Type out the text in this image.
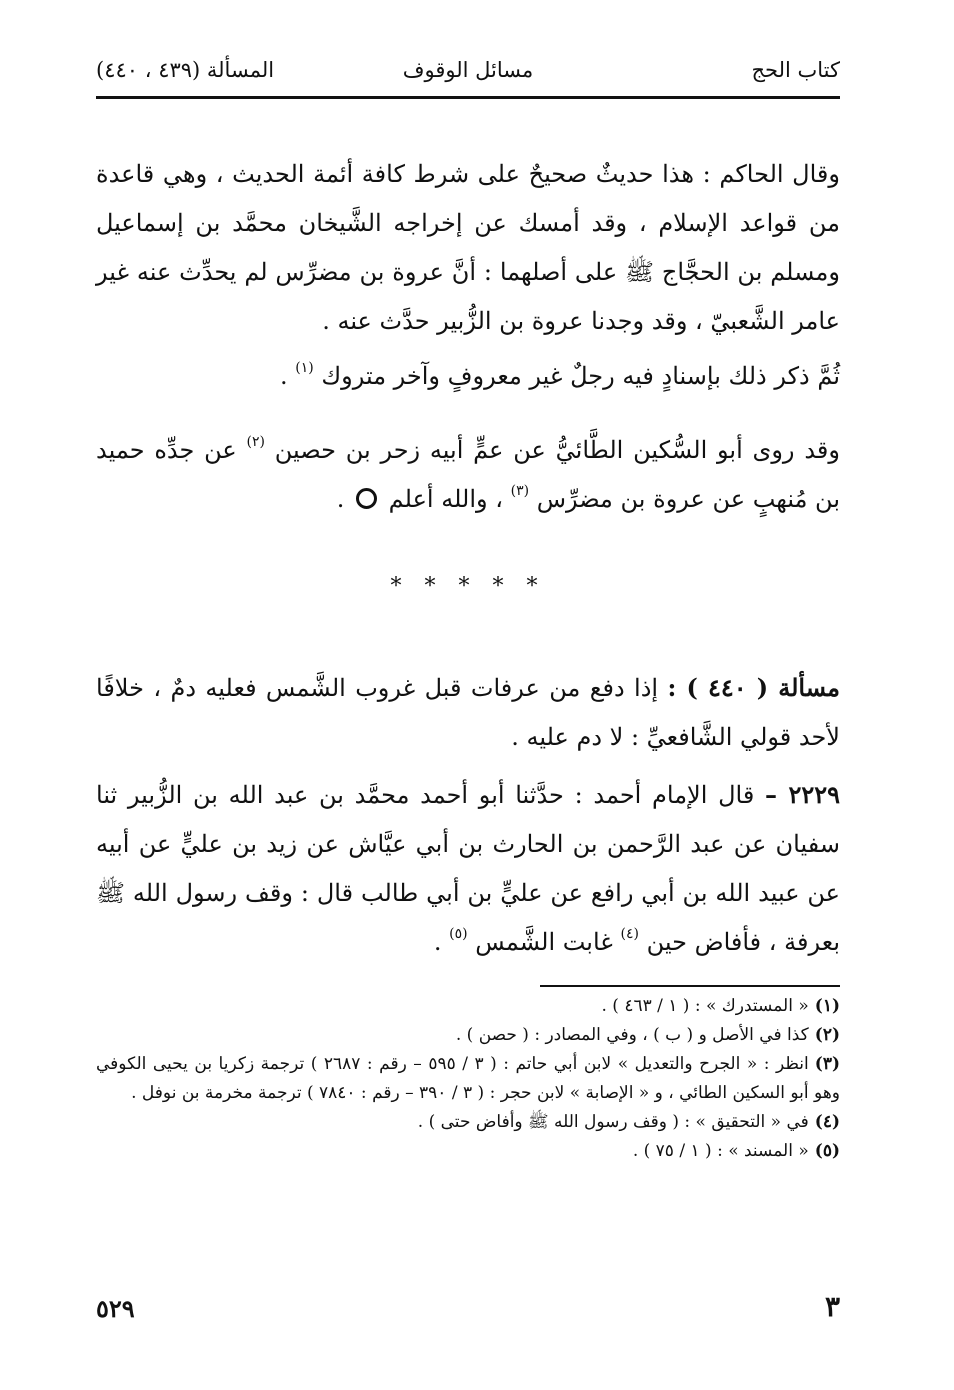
كتاب الحج
مسائل الوقوف
المسألة (٤٣٩ ، ٤٤٠)

وقال الحاكم : هذا حديثٌ صحيحٌ على شرط كافة أئمة الحديث ، وهي قاعدة من قواعد الإسلام ، وقد أمسك عن إخراجه الشَّيخان محمَّد بن إسماعيل ومسلم بن الحجَّاج ﷺ على أصلهما : أنَّ عروة بن مضرِّس لم يحدِّث عنه غير عامر الشَّعبيّ ، وقد وجدنا عروة بن الزُّبير حدَّث عنه .

ثُمَّ ذكر ذلك بإسنادٍ فيه رجلٌ غير معروفٍ وآخر متروك $^{(١)}$ .

وقد روى أبو السُّكين الطَّائيُّ عن عمٍّ أبيه زحر بن حصين $^{(٢)}$ عن جدِّه حميد بن مُنهبٍ عن عروة بن مضرِّس $^{(٣)}$ ، والله أعلم  .

* * * * *

مسألة ( ٤٤٠ ) : إذا دفع من عرفات قبل غروب الشَّمس فعليه دمٌ ، خلافًا لأحد قولي الشَّافعيِّ : لا دم عليه .

٢٢٢٩ – قال الإمام أحمد : حدَّثنا أبو أحمد محمَّد بن عبد الله بن الزُّبير ثنا سفيان عن عبد الرَّحمن بن الحارث بن أبي عيَّاش عن زيد بن عليٍّ عن أبيه عن عبيد الله بن أبي رافع عن عليٍّ بن أبي طالب قال : وقف رسول الله ﷺ بعرفة ، فأفاض حين $^{(٤)}$ غابت الشَّمس $^{(٥)}$ .

(١)« المستدرك » : ( ١ / ٤٦٣ ) .
(٢)كذا في الأصل و ( ب ) ، وفي المصادر : ( حصن ) .
(٣)انظر : « الجرح والتعديل » لابن أبي حاتم : ( ٣ / ٥٩٥ – رقم : ٢٦٨٧ ) ترجمة زكريا بن يحيى الكوفي وهو أبو السكين الطائي ، و « الإصابة » لابن حجر : ( ٣ / ٣٩٠ – رقم : ٧٨٤٠ ) ترجمة مخرمة بن نوفل .
(٤)في « التحقيق » : ( وقف رسول الله ﷺ وأفاض حتى ) .
(٥)« المسند » : ( ١ / ٧٥ ) .
٣
٥٢٩
